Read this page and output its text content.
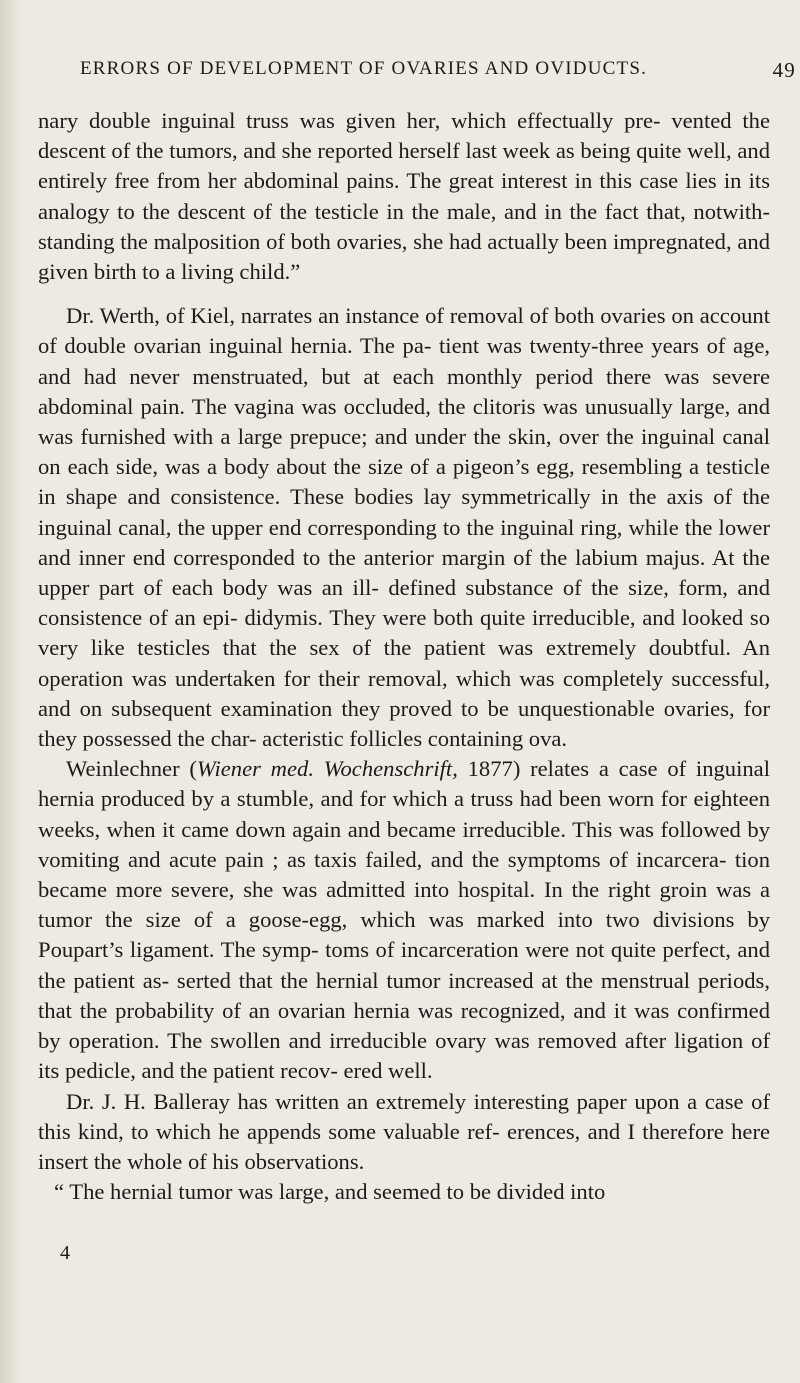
ERRORS OF DEVELOPMENT OF OVARIES AND OVIDUCTS.	49

nary double inguinal truss was given her, which effectually pre- vented the descent of the tumors, and she reported herself last week as being quite well, and entirely free from her abdominal pains. The great interest in this case lies in its analogy to the descent of the testicle in the male, and in the fact that, notwith- standing the malposition of both ovaries, she had actually been impregnated, and given birth to a living child.”

Dr. Werth, of Kiel, narrates an instance of removal of both ovaries on account of double ovarian inguinal hernia. The pa- tient was twenty-three years of age, and had never menstruated, but at each monthly period there was severe abdominal pain. The vagina was occluded, the clitoris was unusually large, and was furnished with a large prepuce; and under the skin, over the inguinal canal on each side, was a body about the size of a pigeon’s egg, resembling a testicle in shape and consistence. These bodies lay symmetrically in the axis of the inguinal canal, the upper end corresponding to the inguinal ring, while the lower and inner end corresponded to the anterior margin of the labium majus. At the upper part of each body was an ill- defined substance of the size, form, and consistence of an epi- didymis. They were both quite irreducible, and looked so very like testicles that the sex of the patient was extremely doubtful. An operation was undertaken for their removal, which was completely successful, and on subsequent examination they proved to be unquestionable ovaries, for they possessed the char- acteristic follicles containing ova.

Weinlechner (Wiener med. Wochenschrift, 1877) relates a case of inguinal hernia produced by a stumble, and for which a truss had been worn for eighteen weeks, when it came down again and became irreducible. This was followed by vomiting and acute pain ; as taxis failed, and the symptoms of incarcera- tion became more severe, she was admitted into hospital. In the right groin was a tumor the size of a goose-egg, which was marked into two divisions by Poupart’s ligament. The symp- toms of incarceration were not quite perfect, and the patient as- serted that the hernial tumor increased at the menstrual periods, that the probability of an ovarian hernia was recognized, and it was confirmed by operation. The swollen and irreducible ovary was removed after ligation of its pedicle, and the patient recov- ered well.

Dr. J. H. Balleray has written an extremely interesting paper upon a case of this kind, to which he appends some valuable ref- erences, and I therefore here insert the whole of his observations.

“ The hernial tumor was large, and seemed to be divided into

4
